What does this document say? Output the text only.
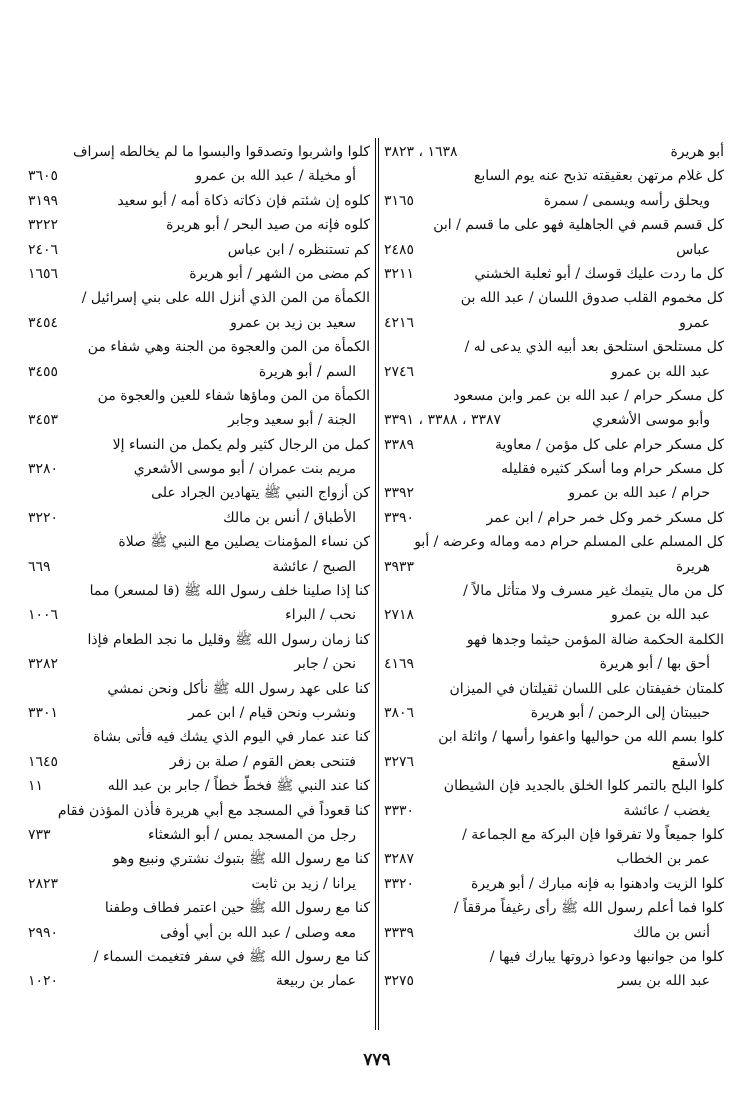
أبو هريرة
١٦٣٨ ، ٣٨٢٣
كل غلام مرتهن بعقيقته تذبح عنه يوم السابع
ويحلق رأسه ويسمى / سمرة
٣١٦٥
كل قسم قسم في الجاهلية فهو على ما قسم / ابن
عباس
٢٤٨٥
كل ما ردت عليك قوسك / أبو ثعلبة الخشني
٣٢١١
كل مخموم القلب صدوق اللسان / عبد الله بن
عمرو
٤٢١٦
كل مستلحق استلحق بعد أبيه الذي يدعى له /
عبد الله بن عمرو
٢٧٤٦
كل مسكر حرام / عبد الله بن عمر وابن مسعود
وأبو موسى الأشعري
٣٣٨٧ ، ٣٣٨٨ ، ٣٣٩١
كل مسكر حرام على كل مؤمن / معاوية
٣٣٨٩
كل مسكر حرام وما أسكر كثيره فقليله
حرام / عبد الله بن عمرو
٣٣٩٢
كل مسكر خمر وكل خمر حرام / ابن عمر
٣٣٩٠
كل المسلم على المسلم حرام دمه وماله وعرضه / أبو
هريرة
٣٩٣٣
كل من مال يتيمك غير مسرف ولا متأثل مالاً /
عبد الله بن عمرو
٢٧١٨
الكلمة الحكمة ضالة المؤمن حيثما وجدها فهو
أحق بها / أبو هريرة
٤١٦٩
كلمتان خفيفتان على اللسان ثقيلتان في الميزان
حبيبتان إلى الرحمن / أبو هريرة
٣٨٠٦
كلوا بسم الله من حواليها واعفوا رأسها / واثلة ابن
الأسقع
٣٢٧٦
كلوا البلح بالتمر كلوا الخلق بالجديد فإن الشيطان
يغضب / عائشة
٣٣٣٠
كلوا جميعاً ولا تفرقوا فإن البركة مع الجماعة /
عمر بن الخطاب
٣٢٨٧
كلوا الزيت وادهنوا به فإنه مبارك / أبو هريرة
٣٣٢٠
كلوا فما أعلم رسول الله ﷺ رأى رغيفاً مرققاً /
أنس بن مالك
٣٣٣٩
كلوا من جوانبها ودعوا ذروتها يبارك فيها /
عبد الله بن بسر
٣٢٧٥
كلوا واشربوا وتصدقوا والبسوا ما لم يخالطه إسراف
أو مخيلة / عبد الله بن عمرو
٣٦٠٥
كلوه إن شئتم فإن ذكاته ذكاة أمه / أبو سعيد
٣١٩٩
كلوه فإنه من صيد البحر / أبو هريرة
٣٢٢٢
كم تستنظره / ابن عباس
٢٤٠٦
كم مضى من الشهر / أبو هريرة
١٦٥٦
الكمأة من المن الذي أنزل الله على بني إسرائيل /
سعيد بن زيد بن عمرو
٣٤٥٤
الكمأة من المن والعجوة من الجنة وهي شفاء من
السم / أبو هريرة
٣٤٥٥
الكمأة من المن وماؤها شفاء للعين والعجوة من
الجنة / أبو سعيد وجابر
٣٤٥٣
كمل من الرجال كثير ولم يكمل من النساء إلا
مريم بنت عمران / أبو موسى الأشعري
٣٢٨٠
كن أزواج النبي ﷺ يتهادين الجراد على
الأطباق / أنس بن مالك
٣٢٢٠
كن نساء المؤمنات يصلين مع النبي ﷺ صلاة
الصبح / عائشة
٦٦٩
كنا إذا صلينا خلف رسول الله ﷺ (قا لمسعر) مما
نحب / البراء
١٠٠٦
كنا زمان رسول الله ﷺ وقليل ما نجد الطعام فإذا
نحن / جابر
٣٢٨٢
كنا على عهد رسول الله ﷺ نأكل ونحن نمشي
ونشرب ونحن قيام / ابن عمر
٣٣٠١
كنا عند عمار في اليوم الذي يشك فيه فأتى بشاة
فتنحى بعض القوم / صلة بن زفر
١٦٤٥
كنا عند النبي ﷺ فخطّ خطاً / جابر بن عبد الله
١١
كنا قعوداً في المسجد مع أبي هريرة فأذن المؤذن فقام
رجل من المسجد يمس / أبو الشعثاء
٧٣٣
كنا مع رسول الله ﷺ بتبوك نشتري ونبيع وهو
يرانا / زيد بن ثابت
٢٨٢٣
كنا مع رسول الله ﷺ حين اعتمر فطاف وطفنا
معه وصلى / عبد الله بن أبي أوفى
٢٩٩٠
كنا مع رسول الله ﷺ في سفر فتغيمت السماء /
عمار بن ربيعة
١٠٢٠
٧٧٩
